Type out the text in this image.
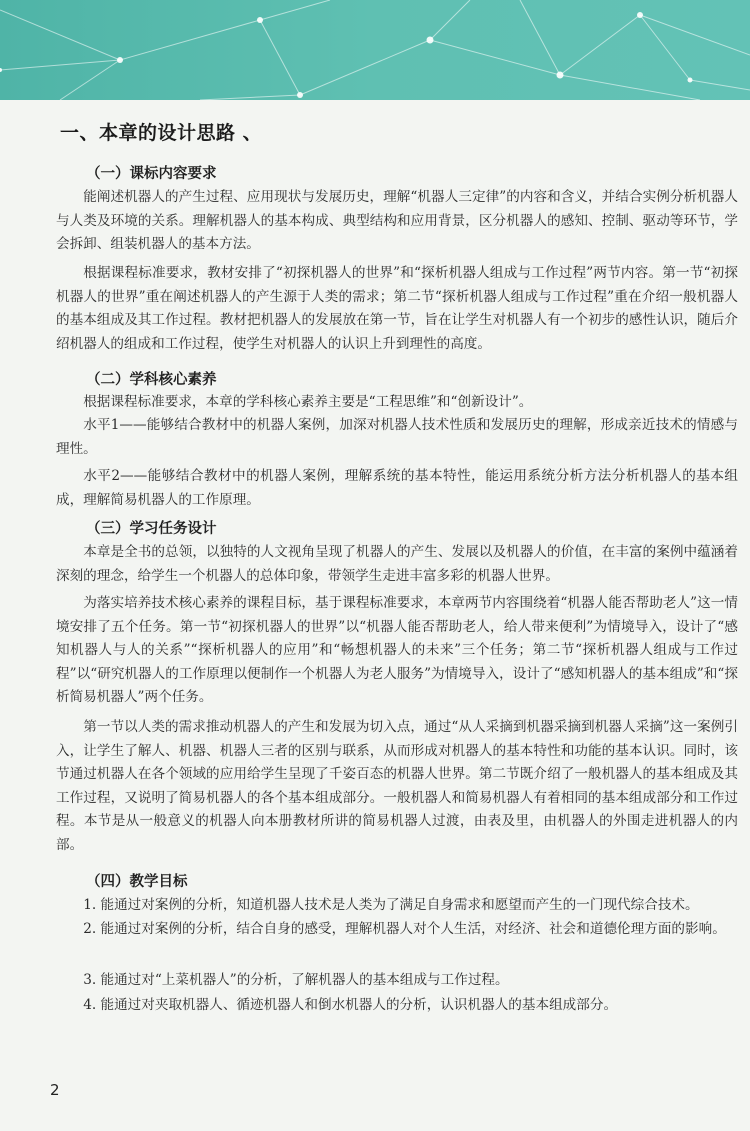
一、本章的设计思路 、
（一）课标内容要求
能阐述机器人的产生过程、应用现状与发展历史，理解“机器人三定律”的内容和含义，并结合实例分析机器人与人类及环境的关系。理解机器人的基本构成、典型结构和应用背景，区分机器人的感知、控制、驱动等环节，学会拆卸、组装机器人的基本方法。
根据课程标准要求，教材安排了“初探机器人的世界”和“探析机器人组成与工作过程”两节内容。第一节“初探机器人的世界”重在阐述机器人的产生源于人类的需求；第二节“探析机器人组成与工作过程”重在介绍一般机器人的基本组成及其工作过程。教材把机器人的发展放在第一节，旨在让学生对机器人有一个初步的感性认识，随后介绍机器人的组成和工作过程，使学生对机器人的认识上升到理性的高度。
（二）学科核心素养
根据课程标准要求，本章的学科核心素养主要是“工程思维”和“创新设计”。
水平1——能够结合教材中的机器人案例，加深对机器人技术性质和发展历史的理解，形成亲近技术的情感与理性。
水平2——能够结合教材中的机器人案例，理解系统的基本特性，能运用系统分析方法分析机器人的基本组成，理解简易机器人的工作原理。
（三）学习任务设计
本章是全书的总领，以独特的人文视角呈现了机器人的产生、发展以及机器人的价值，在丰富的案例中蕴涵着深刻的理念，给学生一个机器人的总体印象，带领学生走进丰富多彩的机器人世界。
为落实培养技术核心素养的课程目标，基于课程标准要求，本章两节内容围绕着“机器人能否帮助老人”这一情境安排了五个任务。第一节“初探机器人的世界”以“机器人能否帮助老人，给人带来便利”为情境导入，设计了“感知机器人与人的关系”“探析机器人的应用”和“畅想机器人的未来”三个任务；第二节“探析机器人组成与工作过程”以“研究机器人的工作原理以便制作一个机器人为老人服务”为情境导入，设计了“感知机器人的基本组成”和“探析简易机器人”两个任务。
第一节以人类的需求推动机器人的产生和发展为切入点，通过“从人采摘到机器采摘到机器人采摘”这一案例引入，让学生了解人、机器、机器人三者的区别与联系，从而形成对机器人的基本特性和功能的基本认识。同时，该节通过机器人在各个领域的应用给学生呈现了千姿百态的机器人世界。第二节既介绍了一般机器人的基本组成及其工作过程，又说明了简易机器人的各个基本组成部分。一般机器人和简易机器人有着相同的基本组成部分和工作过程。本节是从一般意义的机器人向本册教材所讲的简易机器人过渡，由表及里，由机器人的外围走进机器人的内部。
（四）教学目标
1. 能通过对案例的分析，知道机器人技术是人类为了满足自身需求和愿望而产生的一门现代综合技术。
2. 能通过对案例的分析，结合自身的感受，理解机器人对个人生活，对经济、社会和道德伦理方面的影响。
3. 能通过对“上菜机器人”的分析，了解机器人的基本组成与工作过程。
4. 能通过对夹取机器人、循迹机器人和倒水机器人的分析，认识机器人的基本组成部分。
2
